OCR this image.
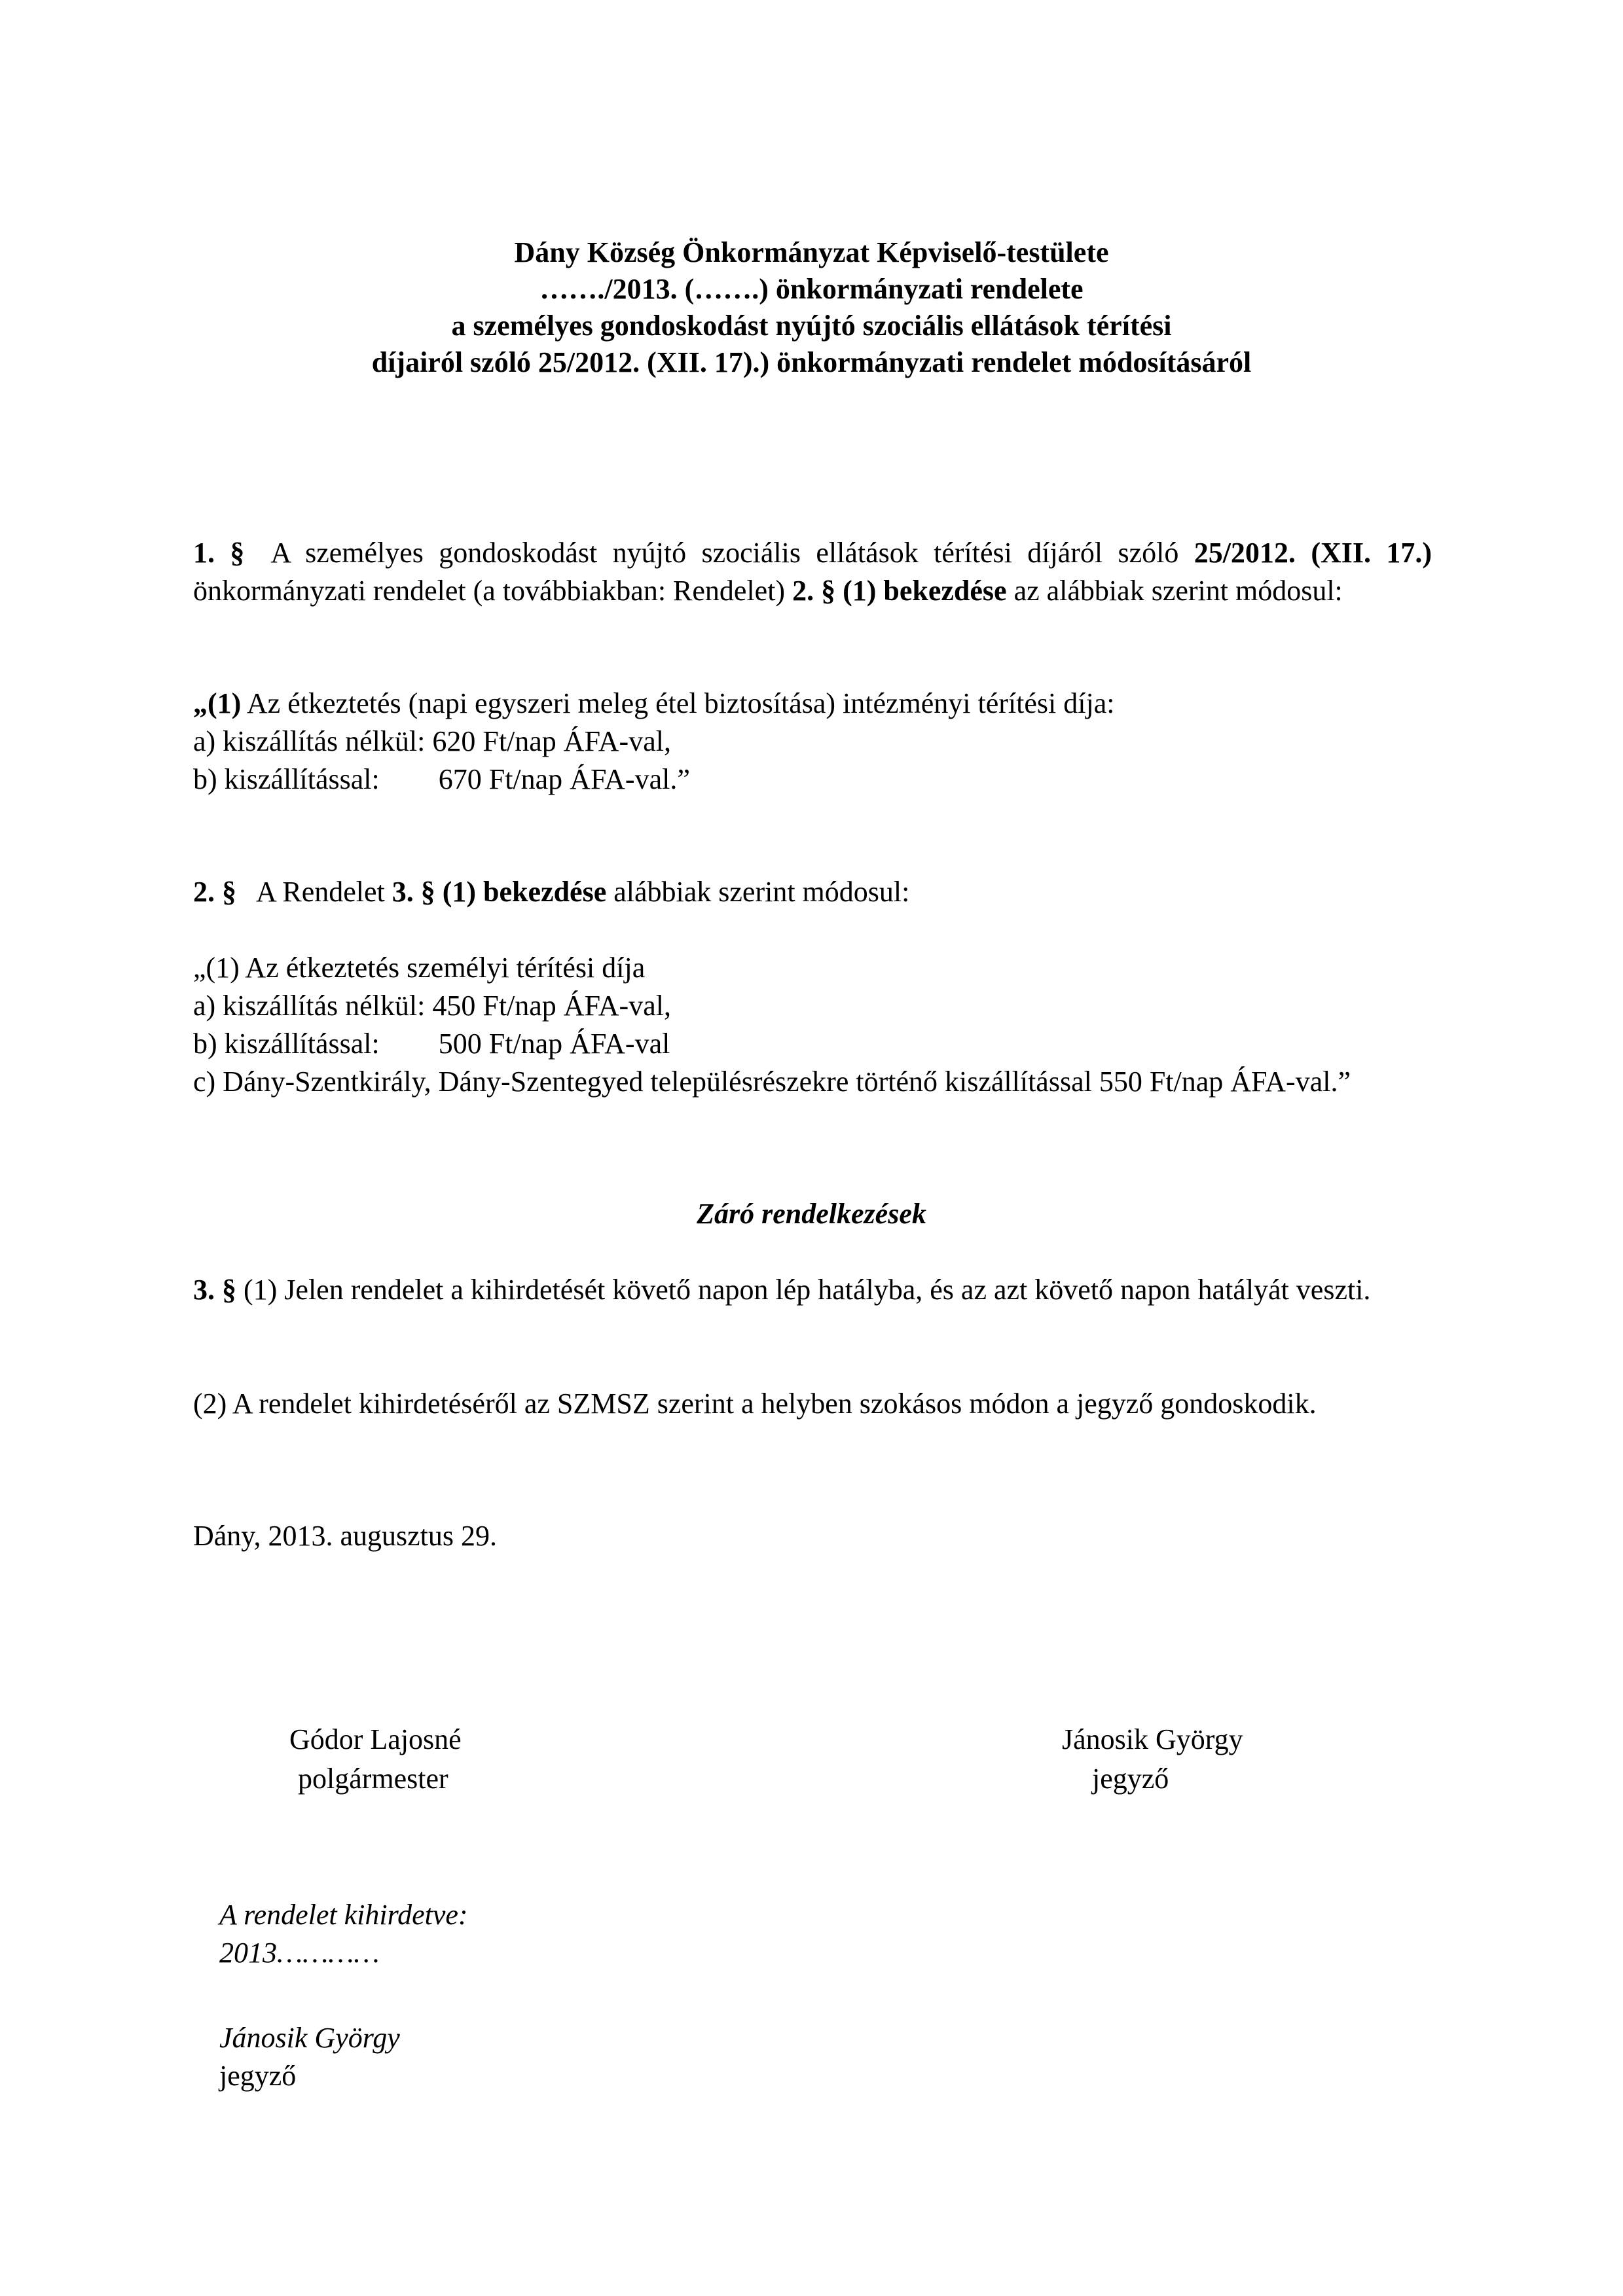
Dány Község Önkormányzat Képviselő-testülete
……./2013. (…….) önkormányzati rendelete
a személyes gondoskodást nyújtó szociális ellátások térítési
díjairól szóló 25/2012. (XII. 17).) önkormányzati rendelet módosításáról
1. § A személyes gondoskodást nyújtó szociális ellátások térítési díjáról szóló 25/2012. (XII. 17.) önkormányzati rendelet (a továbbiakban: Rendelet) 2. § (1) bekezdése az alábbiak szerint módosul:
„(1) Az étkeztetés (napi egyszeri meleg étel biztosítása) intézményi térítési díja:
a) kiszállítás nélkül: 620 Ft/nap ÁFA-val,
b) kiszállítással: 670 Ft/nap ÁFA-val.”
2. § A Rendelet 3. § (1) bekezdése alábbiak szerint módosul:
„(1) Az étkeztetés személyi térítési díja
a) kiszállítás nélkül: 450 Ft/nap ÁFA-val,
b) kiszállítással: 500 Ft/nap ÁFA-val
c) Dány-Szentkirály, Dány-Szentegyed településrészekre történő kiszállítással 550 Ft/nap ÁFA-val.”
Záró rendelkezések
3. § (1) Jelen rendelet a kihirdetését követő napon lép hatályba, és az azt követő napon hatályát veszti.
(2) A rendelet kihirdetéséről az SZMSZ szerint a helyben szokásos módon a jegyző gondoskodik.
Dány, 2013. augusztus 29.
Gódor Lajosné
polgármester
Jánosik György
jegyző
A rendelet kihirdetve:
2013…………
Jánosik György
jegyző
